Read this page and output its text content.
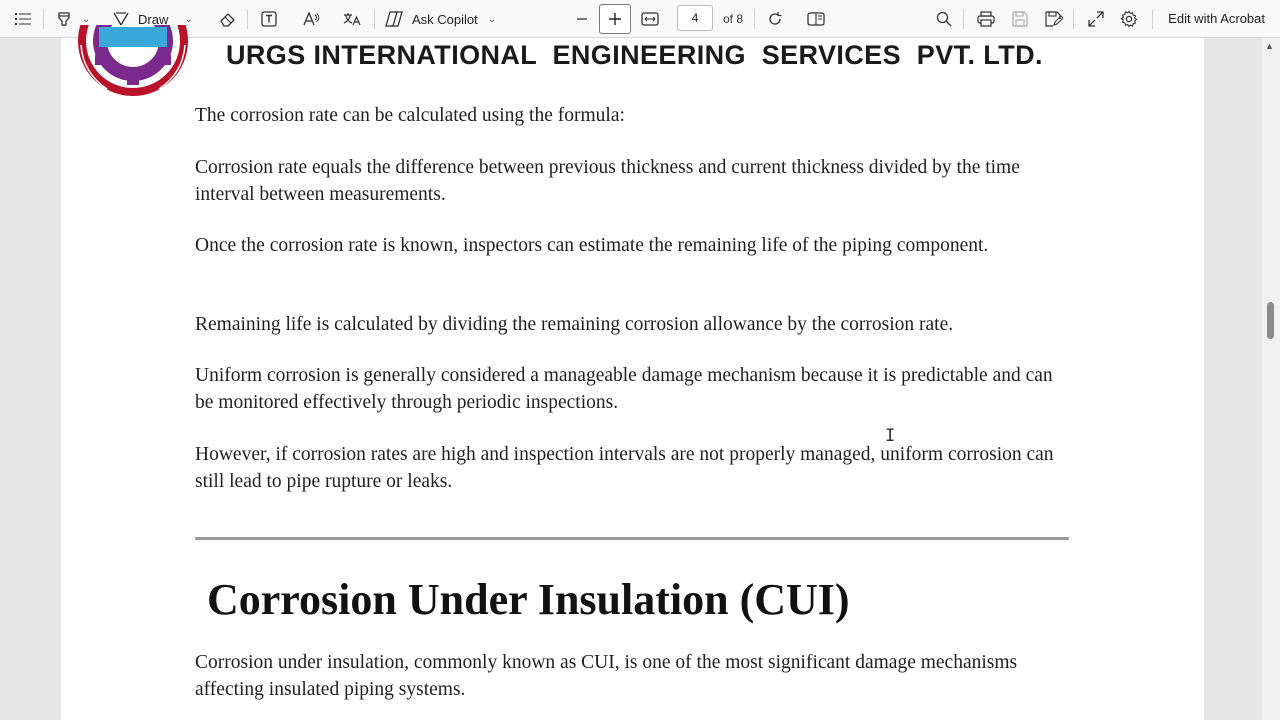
⌄	Draw ⌄	Ask Copilot ⌄	4 of 8	Edit with Acrobat
URGS INTERNATIONAL  ENGINEERING  SERVICES  PVT. LTD.

The corrosion rate can be calculated using the formula:

Corrosion rate equals the difference between previous thickness and current thickness divided by the time interval between measurements.

Once the corrosion rate is known, inspectors can estimate the remaining life of the piping component.

Remaining life is calculated by dividing the remaining corrosion allowance by the corrosion rate.

Uniform corrosion is generally considered a manageable damage mechanism because it is predictable and can be monitored effectively through periodic inspections.

However, if corrosion rates are high and inspection intervals are not properly managed, uniform corrosion can still lead to pipe rupture or leaks.

Corrosion Under Insulation (CUI)

Corrosion under insulation, commonly known as CUI, is one of the most significant damage mechanisms affecting insulated piping systems.

I
▲
